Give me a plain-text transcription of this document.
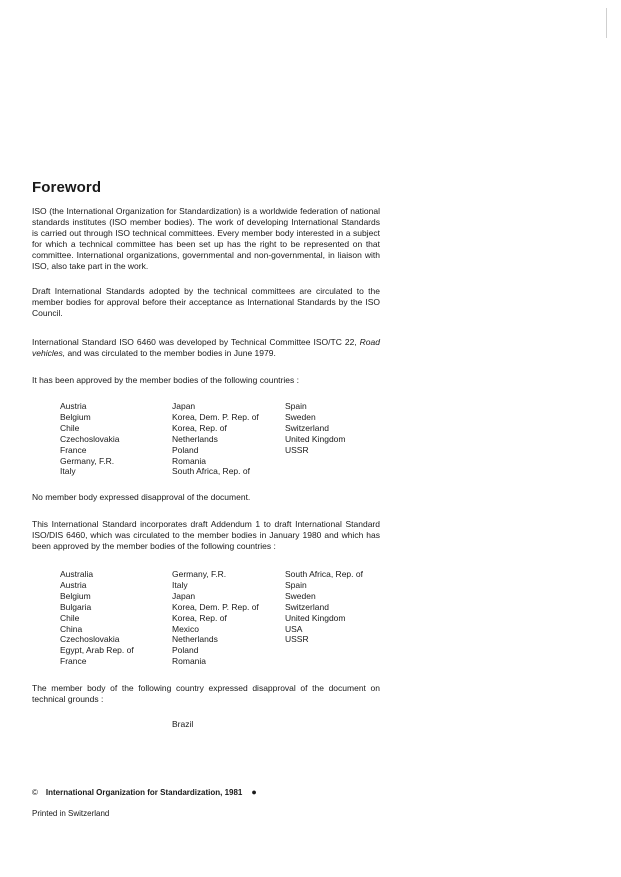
Foreword

ISO (the International Organization for Standardization) is a worldwide federation of national standards institutes (ISO member bodies). The work of developing International Standards is carried out through ISO technical committees. Every member body interested in a subject for which a technical committee has been set up has the right to be represented on that committee. International organizations, governmental and non-governmental, in liaison with ISO, also take part in the work.

Draft International Standards adopted by the technical committees are circulated to the member bodies for approval before their acceptance as International Standards by the ISO Council.

International Standard ISO 6460 was developed by Technical Committee ISO/TC 22, Road vehicles, and was circulated to the member bodies in June 1979.

It has been approved by the member bodies of the following countries :

Austria	Japan	Spain
Belgium	Korea, Dem. P. Rep. of	Sweden
Chile	Korea, Rep. of	Switzerland
Czechoslovakia	Netherlands	United Kingdom
France	Poland	USSR
Germany, F.R.	Romania
Italy	South Africa, Rep. of

No member body expressed disapproval of the document.

This International Standard incorporates draft Addendum 1 to draft International Standard ISO/DIS 6460, which was circulated to the member bodies in January 1980 and which has been approved by the member bodies of the following countries :

Australia	Germany, F.R.	South Africa, Rep. of
Austria	Italy	Spain
Belgium	Japan	Sweden
Bulgaria	Korea, Dem. P. Rep. of	Switzerland
Chile	Korea, Rep. of	United Kingdom
China	Mexico	USA
Czechoslovakia	Netherlands	USSR
Egypt, Arab Rep. of	Poland
France	Romania

The member body of the following country expressed disapproval of the document on technical grounds :

Brazil
© International Organization for Standardization, 1981 ●
Printed in Switzerland
